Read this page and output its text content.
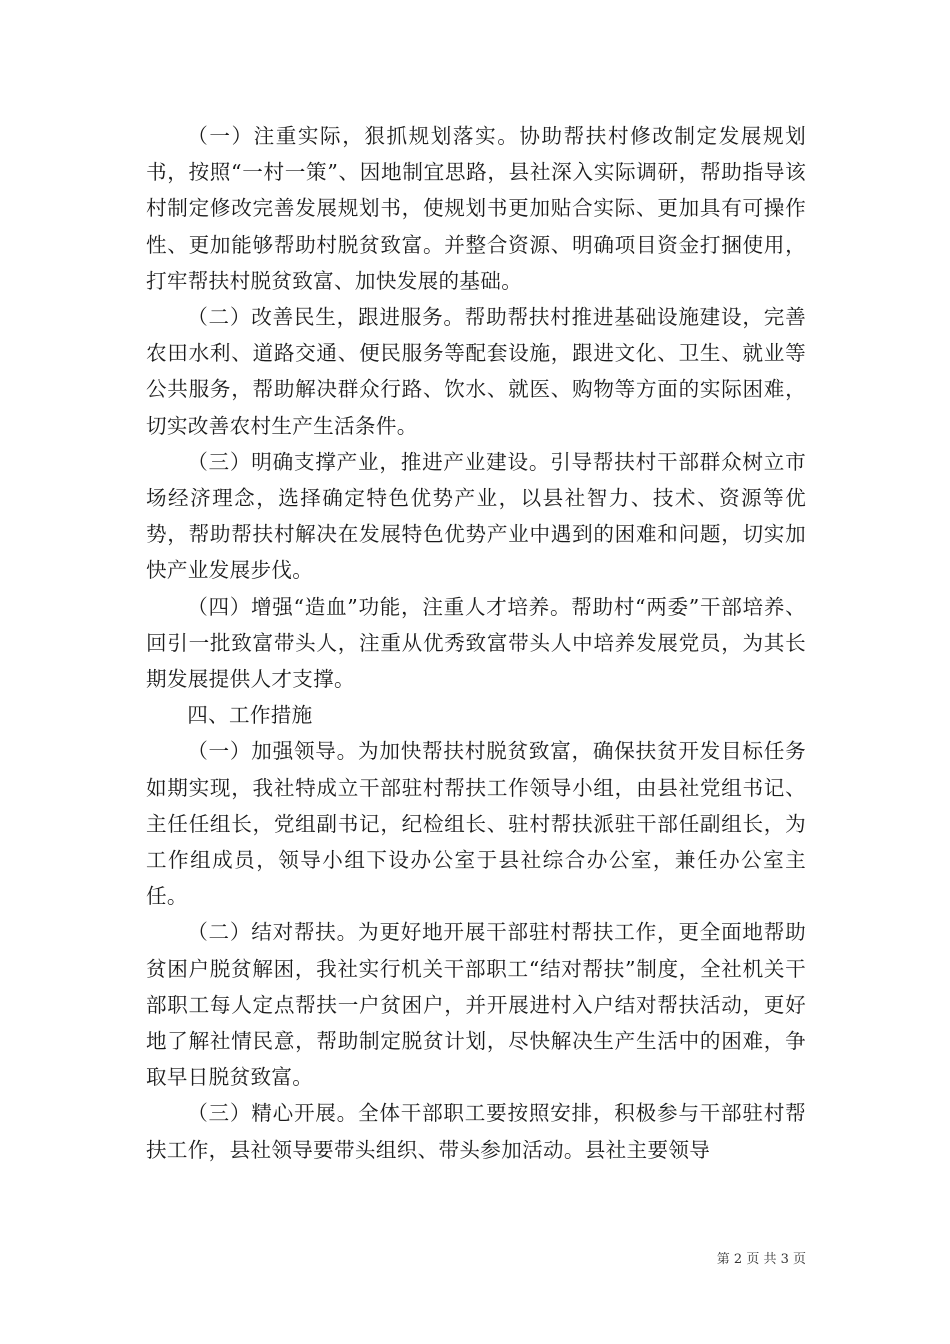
（一）注重实际，狠抓规划落实。协助帮扶村修改制定发展规划书，按照“一村一策”、因地制宜思路，县社深入实际调研，帮助指导该村制定修改完善发展规划书，使规划书更加贴合实际、更加具有可操作性、更加能够帮助村脱贫致富。并整合资源、明确项目资金打捆使用，打牢帮扶村脱贫致富、加快发展的基础。

（二）改善民生，跟进服务。帮助帮扶村推进基础设施建设，完善农田水利、道路交通、便民服务等配套设施，跟进文化、卫生、就业等公共服务，帮助解决群众行路、饮水、就医、购物等方面的实际困难，切实改善农村生产生活条件。

（三）明确支撑产业，推进产业建设。引导帮扶村干部群众树立市场经济理念，选择确定特色优势产业，以县社智力、技术、资源等优势，帮助帮扶村解决在发展特色优势产业中遇到的困难和问题，切实加快产业发展步伐。

（四）增强“造血”功能，注重人才培养。帮助村“两委”干部培养、回引一批致富带头人，注重从优秀致富带头人中培养发展党员，为其长期发展提供人才支撑。

四、工作措施

（一）加强领导。为加快帮扶村脱贫致富，确保扶贫开发目标任务如期实现，我社特成立干部驻村帮扶工作领导小组，由县社党组书记、主任任组长，党组副书记，纪检组长、驻村帮扶派驻干部任副组长，为工作组成员，领导小组下设办公室于县社综合办公室，兼任办公室主任。

（二）结对帮扶。为更好地开展干部驻村帮扶工作，更全面地帮助贫困户脱贫解困，我社实行机关干部职工“结对帮扶”制度，全社机关干部职工每人定点帮扶一户贫困户，并开展进村入户结对帮扶活动，更好地了解社情民意，帮助制定脱贫计划，尽快解决生产生活中的困难，争取早日脱贫致富。

（三）精心开展。全体干部职工要按照安排，积极参与干部驻村帮扶工作，县社领导要带头组织、带头参加活动。县社主要领导

第 2 页 共 3 页
